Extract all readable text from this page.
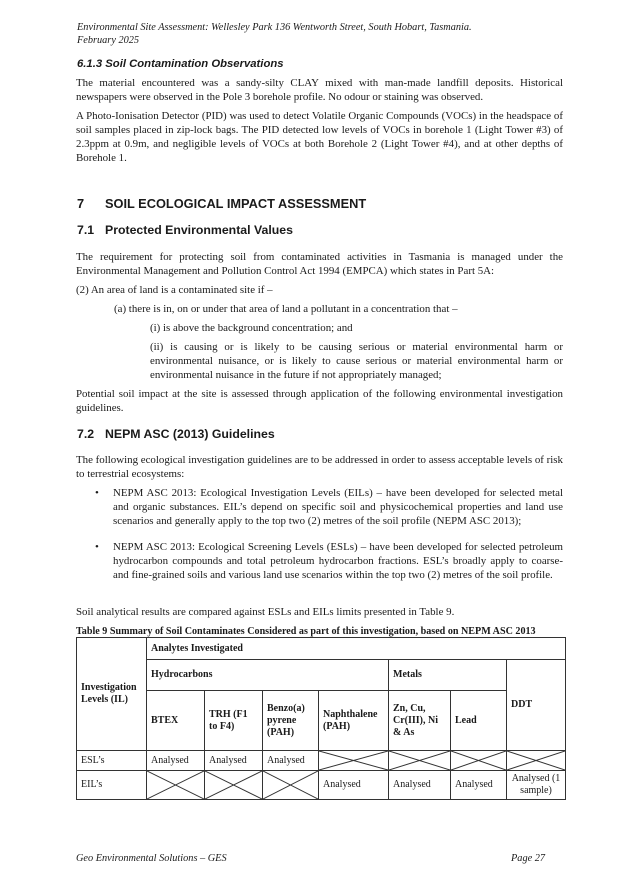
Environmental Site Assessment: Wellesley Park 136 Wentworth Street, South Hobart, Tasmania.
February 2025
6.1.3 Soil Contamination Observations
The material encountered was a sandy-silty CLAY mixed with man-made landfill deposits. Historical newspapers were observed in the Pole 3 borehole profile. No odour or staining was observed.
A Photo-Ionisation Detector (PID) was used to detect Volatile Organic Compounds (VOCs) in the headspace of soil samples placed in zip-lock bags. The PID detected low levels of VOCs in borehole 1 (Light Tower #3) of 2.3ppm at 0.9m, and negligible levels of VOCs at both Borehole 2 (Light Tower #4), and at other depths of Borehole 1.
7 SOIL ECOLOGICAL IMPACT ASSESSMENT
7.1 Protected Environmental Values
The requirement for protecting soil from contaminated activities in Tasmania is managed under the Environmental Management and Pollution Control Act 1994 (EMPCA) which states in Part 5A:
(2) An area of land is a contaminated site if –
(a) there is in, on or under that area of land a pollutant in a concentration that –
(i) is above the background concentration; and
(ii) is causing or is likely to be causing serious or material environmental harm or environmental nuisance, or is likely to cause serious or material environmental harm or environmental nuisance in the future if not appropriately managed;
Potential soil impact at the site is assessed through application of the following environmental investigation guidelines.
7.2 NEPM ASC (2013) Guidelines
The following ecological investigation guidelines are to be addressed in order to assess acceptable levels of risk to terrestrial ecosystems:
• NEPM ASC 2013: Ecological Investigation Levels (EILs) – have been developed for selected metal and organic substances. EIL’s depend on specific soil and physicochemical properties and land use scenarios and generally apply to the top two (2) metres of the soil profile (NEPM ASC 2013);
• NEPM ASC 2013: Ecological Screening Levels (ESLs) – have been developed for selected petroleum hydrocarbon compounds and total petroleum hydrocarbon fractions. ESL’s broadly apply to coarse- and fine-grained soils and various land use scenarios within the top two (2) metres of the soil profile.
Soil analytical results are compared against ESLs and EILs limits presented in Table 9.
Table 9 Summary of Soil Contaminates Considered as part of this investigation, based on NEPM ASC 2013
Investigation Levels (IL)	Analytes Investigated						
	Hydrocarbons				Metals		DDT
	BTEX	TRH (F1 to F4)	Benzo(a) pyrene (PAH)	Naphthalene (PAH)	Zn, Cu, Cr(III), Ni & As	Lead	
ESL’s	Analysed	Analysed	Analysed	

EIL’s				Analysed	Analysed	Analysed	Analysed (1 sample)
Geo Environmental Solutions – GES	Page 27
